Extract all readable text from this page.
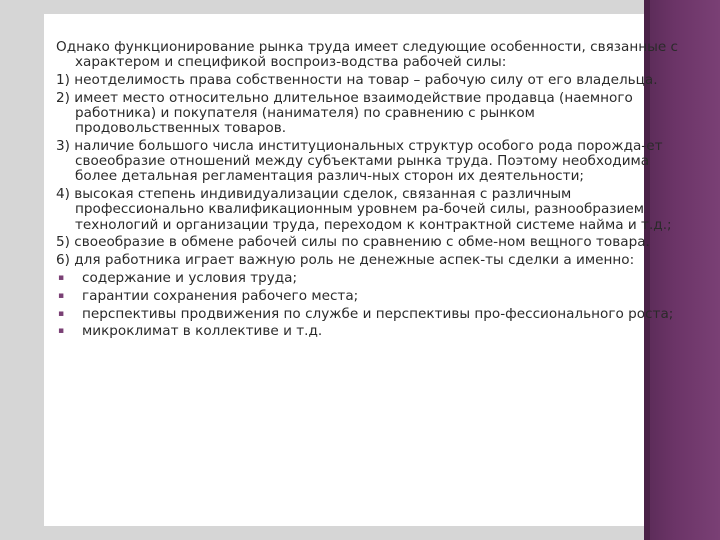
Однако функционирование рынка труда имеет следующие особенности, связанные с характером и спецификой воспроиз-водства рабочей силы:

1) неотделимость права собственности на товар – рабочую силу от его владельца.

2) имеет место относительно длительное взаимодействие продавца (наемного работника) и покупателя (нанимателя) по сравнению с рынком продовольственных товаров.

3) наличие большого числа институциональных структур особого рода порожда-ет своеобразие отношений между субъектами рынка труда. Поэтому необходима более детальная регламентация различ-ных сторон их деятельности;

4) высокая степень индивидуализации сделок, связанная с различным профессионально квалификационным уровнем ра-бочей силы, разнообразием технологий и организации труда, переходом к контрактной системе найма и т.д.;

5) своеобразие в обмене рабочей силы по сравнению с обме-ном вещного товара.

6) для работника играет важную роль не денежные аспек-ты сделки а именно:

▪ содержание и условия труда;
▪ гарантии сохранения рабочего места;
▪ перспективы продвижения по службе и перспективы про-фессионального роста;
▪ микроклимат в коллективе и т.д.
